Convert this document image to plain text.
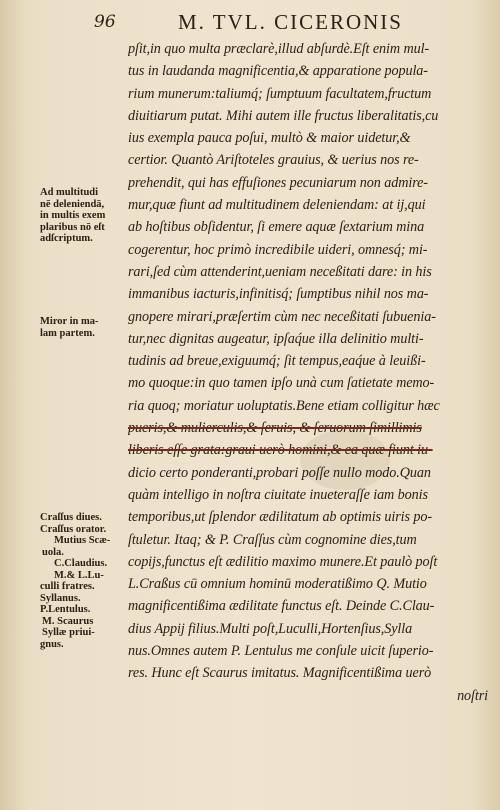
96	M. TVL. CICERONIS
pſit,in quo multa præclarè,illud abſurdè.Eſt enim mul-
tus in laudanda magnificentia,& apparatione popula-
rium munerum:taliumq́; ſumptuum facultatem,fructum
diuitiarum putat. Mihi autem ille fructus liberalitatis,cu
ius exempla pauca poſui, multò & maior uidetur,&
certior. Quantò Ariſtoteles grauius, & uerius nos re-
prehendit, qui has effuſiones pecuniarum non admire-
mur,quæ fiunt ad multitudinem deleniendam: at ij,qui
ab hoſtibus obſidentur, ſi emere aquæ ſextarium mina
cogerentur, hoc primò incredibile uideri, omnesq́; mi-
rari,ſed cùm attenderint,ueniam neceßitati dare: in his
immanibus iacturis,infinitisq́; ſumptibus nihil nos ma-
gnopere mirari,præſertim cùm nec neceßitati ſubuenia-
tur,nec dignitas augeatur, ipſaq́ue illa delinitio multi-
tudinis ad breue,exiguumq́; ſit tempus,eaq́ue à leuißi-
mo quoque:in quo tamen ipſo unà cum ſatietate memo-
ria quoq; moriatur uoluptatis.Bene etiam colligitur hæc
pueris,& mulierculis,& ſeruis, & ſeruorum ſimillimis
liberis eſſe grata:graui uerò homini,& ea quæ fiunt iu-
dicio certo ponderanti,probari poſſe nullo modo.Quan
quàm intelligo in noſtra ciuitate inueteraſſe iam bonis
temporibus,ut ſplendor ædilitatum ab optimis uiris po-
ſtuletur. Itaq; & P. Craſſus cùm cognomine dies,tum
copijs,functus eſt ædilitio maximo munere.Et paulò poſt
L.Craßus cū omnium hominū moderatißimo Q. Mutio
magnificentißima ædilitate functus eſt. Deinde C.Clau-
dius Appij filius.Multi poſt,Luculli,Hortenſius,Sylla
nus.Omnes autem P. Lentulus me conſule uicit ſuperio-
res. Hunc eſt Scaurus imitatus. Magnificentißima uerò
noſtri
Ad multitudi
nē deleniendā,
in multis exem
plaribus nō eſt
adſcriptum.
Miror in ma-
lam partem.
Craſſus diues.
Craſſus orator.
Mutius Scæ-
uola.
C.Claudius.
M.& L.Lu-
culli fratres.
Syllanus.
P.Lentulus.
M. Scaurus
Syllæ priui-
gnus.
